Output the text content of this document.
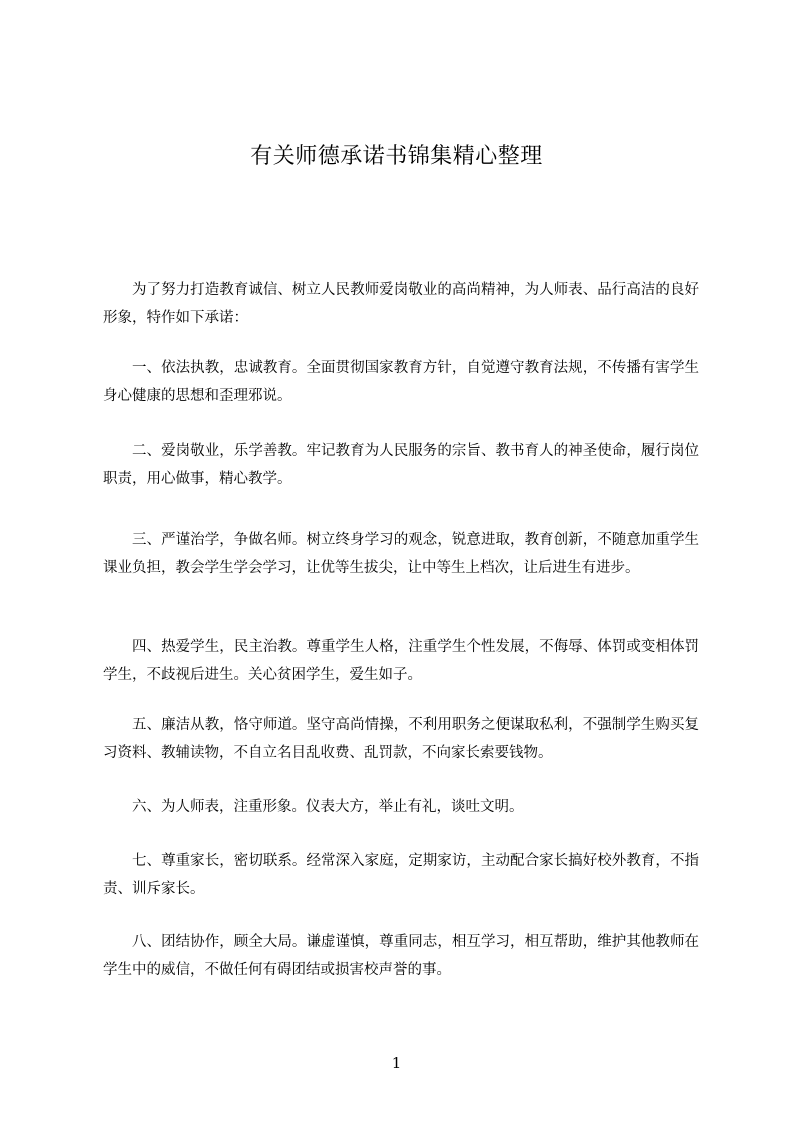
有关师德承诺书锦集精心整理

为了努力打造教育诚信、树立人民教师爱岗敬业的高尚精神，为人师表、品行高洁的良好形象，特作如下承诺：

一、依法执教，忠诚教育。全面贯彻国家教育方针，自觉遵守教育法规，不传播有害学生身心健康的思想和歪理邪说。

二、爱岗敬业，乐学善教。牢记教育为人民服务的宗旨、教书育人的神圣使命，履行岗位职责，用心做事，精心教学。

三、严谨治学，争做名师。树立终身学习的观念，锐意进取，教育创新，不随意加重学生课业负担，教会学生学会学习，让优等生拔尖，让中等生上档次，让后进生有进步。

四、热爱学生，民主治教。尊重学生人格，注重学生个性发展，不侮辱、体罚或变相体罚学生，不歧视后进生。关心贫困学生，爱生如子。

五、廉洁从教，恪守师道。坚守高尚情操，不利用职务之便谋取私利，不强制学生购买复习资料、教辅读物，不自立名目乱收费、乱罚款，不向家长索要钱物。

六、为人师表，注重形象。仪表大方，举止有礼，谈吐文明。

七、尊重家长，密切联系。经常深入家庭，定期家访，主动配合家长搞好校外教育，不指责、训斥家长。

八、团结协作，顾全大局。谦虚谨慎，尊重同志，相互学习，相互帮助，维护其他教师在学生中的威信，不做任何有碍团结或损害校声誉的事。

1
